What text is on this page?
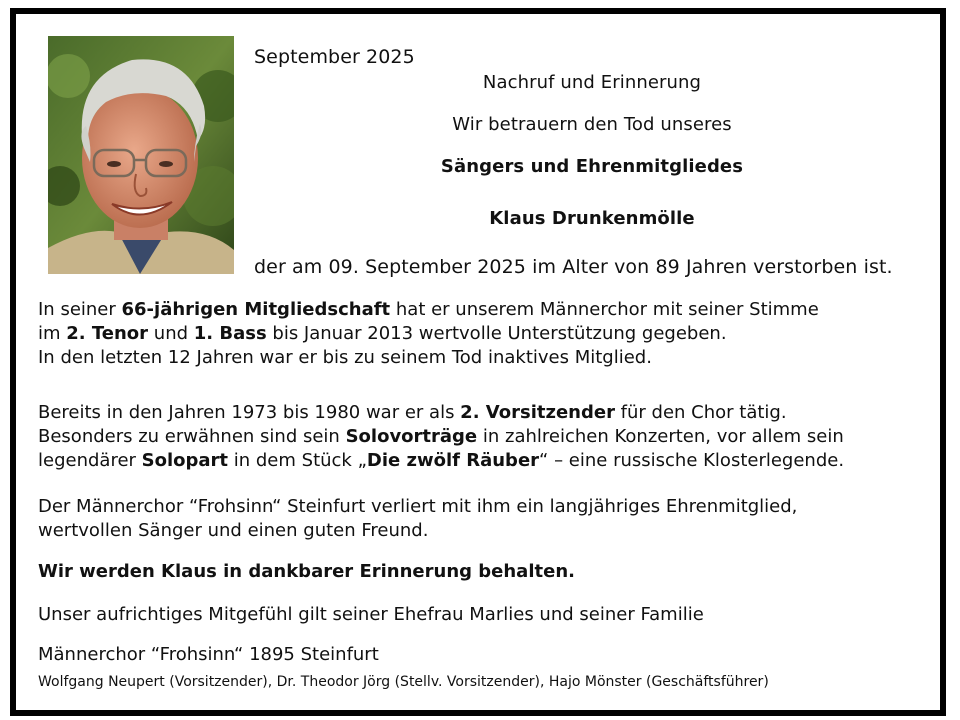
September 2025
Nachruf und Erinnerung
Wir betrauern den Tod unseres
Sängers und Ehrenmitgliedes
Klaus Drunkenmölle
der am 09. September 2025 im Alter von 89 Jahren verstorben ist.
In seiner 66-jährigen Mitgliedschaft hat er unserem Männerchor mit seiner Stimme
im 2. Tenor und 1. Bass bis Januar 2013 wertvolle Unterstützung gegeben.
In den letzten 12 Jahren war er bis zu seinem Tod inaktives Mitglied.
Bereits in den Jahren 1973 bis 1980 war er als 2. Vorsitzender für den Chor tätig.
Besonders zu erwähnen sind sein Solovorträge in zahlreichen Konzerten, vor allem sein
legendärer Solopart in dem Stück „Die zwölf Räuber“ – eine russische Klosterlegende.
Der Männerchor “Frohsinn“ Steinfurt verliert mit ihm ein langjähriges Ehrenmitglied,
wertvollen Sänger und einen guten Freund.
Wir werden Klaus in dankbarer Erinnerung behalten.
Unser aufrichtiges Mitgefühl gilt seiner Ehefrau Marlies und seiner Familie
Männerchor “Frohsinn“ 1895 Steinfurt
Wolfgang Neupert (Vorsitzender), Dr. Theodor Jörg (Stellv. Vorsitzender), Hajo Mönster (Geschäftsführer)
